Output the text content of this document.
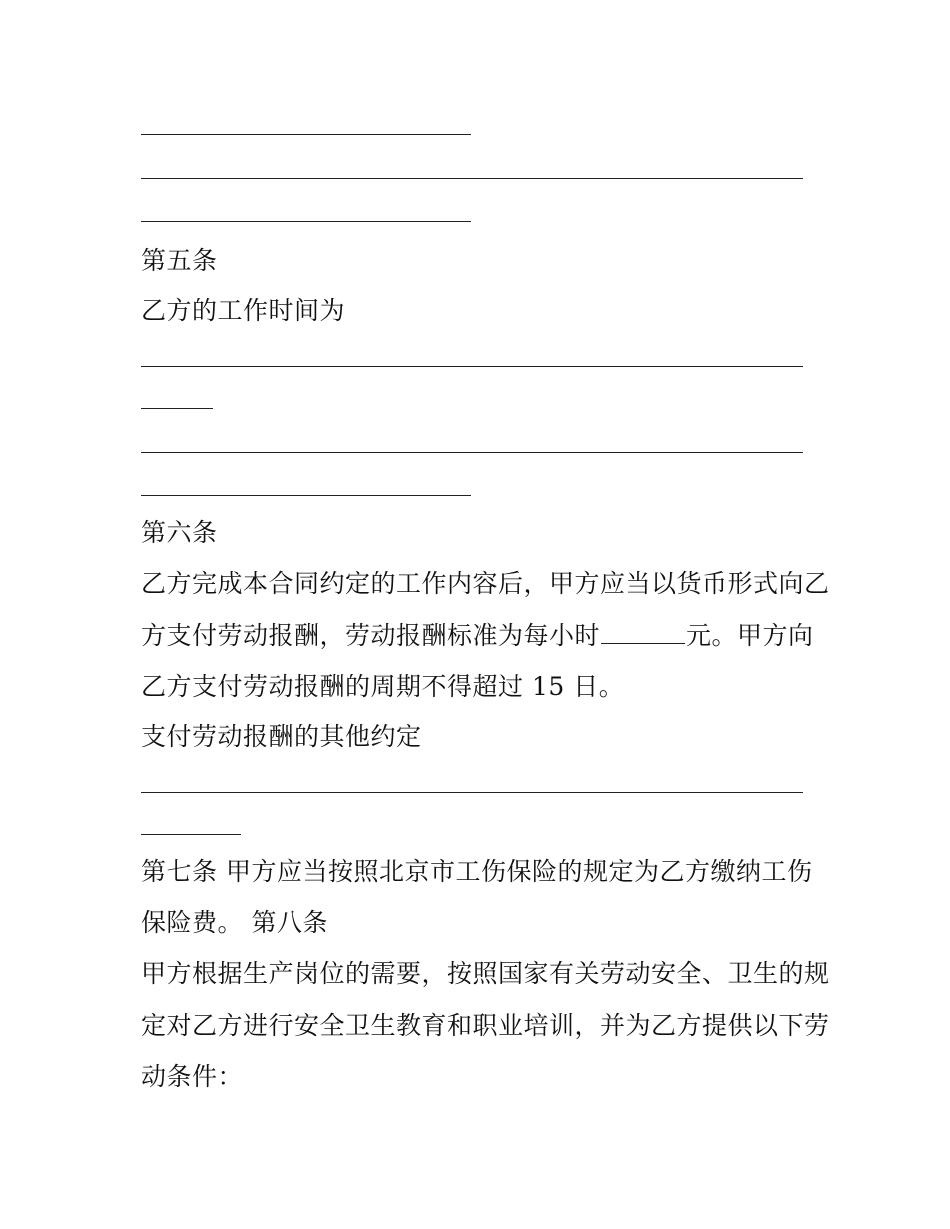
第五条
乙方的工作时间为
第六条
乙方完成本合同约定的工作内容后，甲方应当以货币形式向乙
方支付劳动报酬，劳动报酬标准为每小时	元。甲方向
乙方支付劳动报酬的周期不得超过 15 日。
支付劳动报酬的其他约定
第七条 甲方应当按照北京市工伤保险的规定为乙方缴纳工伤
保险费。 第八条
甲方根据生产岗位的需要，按照国家有关劳动安全、卫生的规
定对乙方进行安全卫生教育和职业培训，并为乙方提供以下劳
动条件：
